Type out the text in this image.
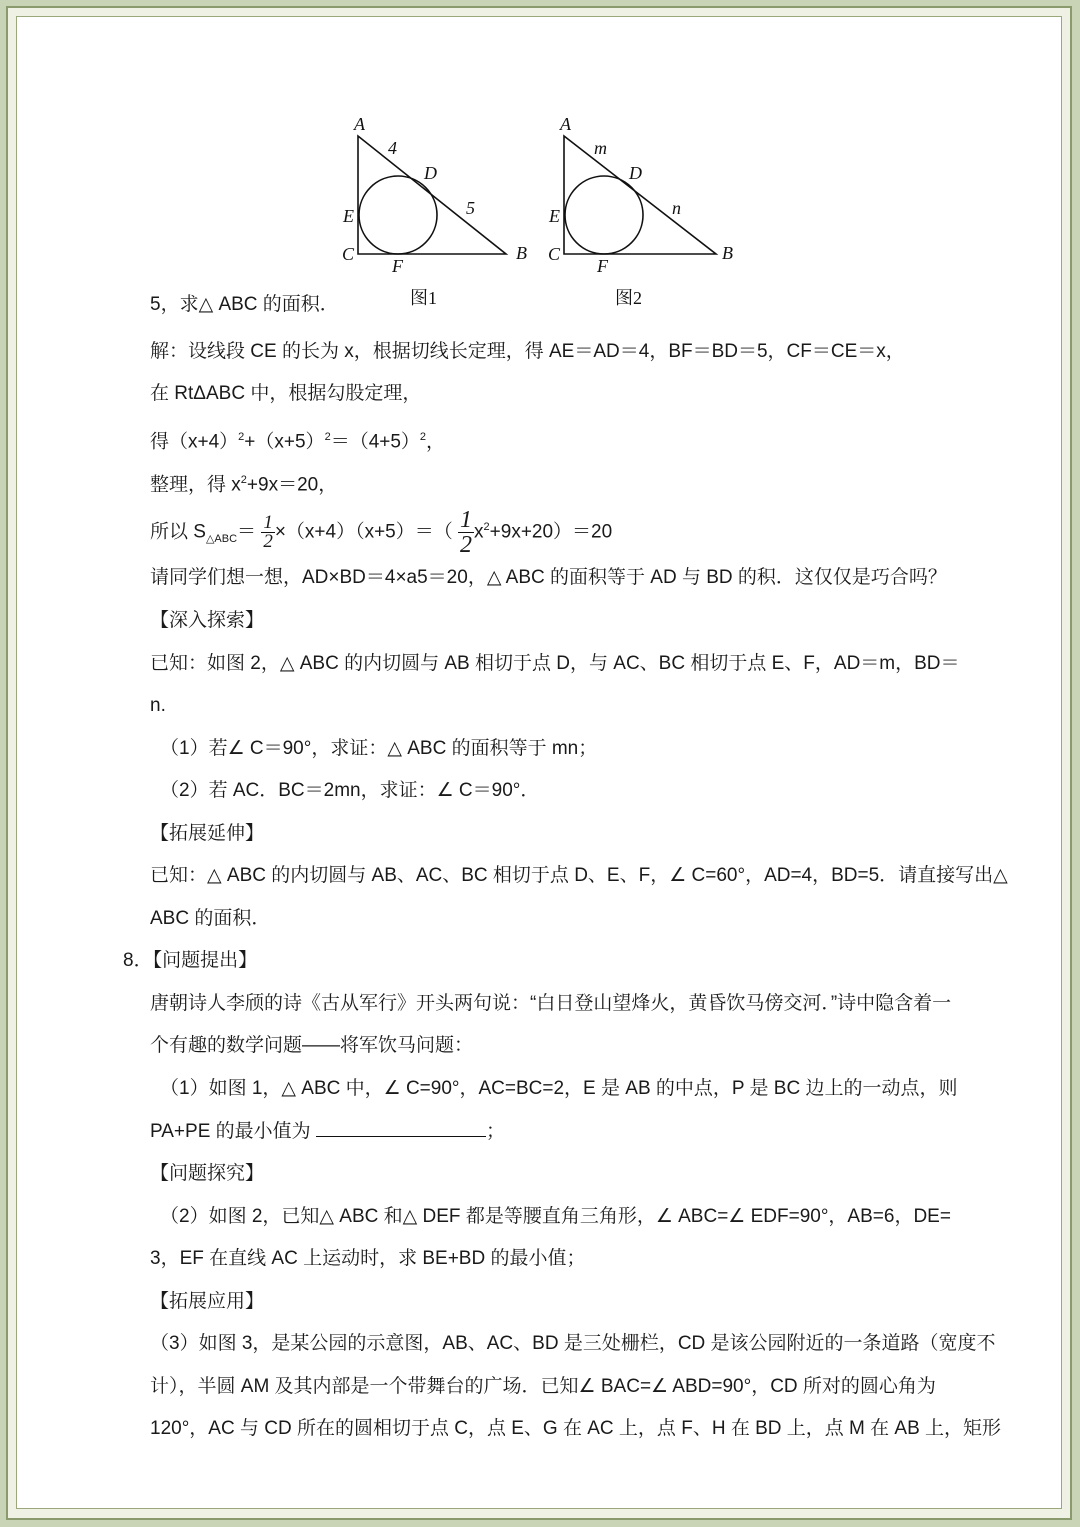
A
4
D
5
E
C
F
B
图1
A
m
D
n
E
C
F
B
图2
5，求△ ABC 的面积．
解：设线段 CE 的长为 x，根据切线长定理，得 AE＝AD＝4，BF＝BD＝5，CF＝CE＝x，
在 RtΔABC 中，根据勾股定理，
得$(x+4)^2+(x+5)^2=(4+5)^2$，
整理，得 $x^2+9x=20$，
所以 $S_{\triangle ABC}= \frac{1}{2} \times(x+4)(x+5)=( \frac{1}{2} x^2+9x+20)=20$
请同学们想一想，AD×BD＝4×a5＝20，△ ABC 的面积等于 AD 与 BD 的积．这仅仅是巧合吗？
【深入探索】
已知：如图 2，△ ABC 的内切圆与 AB 相切于点 D，与 AC、BC 相切于点 E、F，AD＝m，BD＝
n.
（1）若∠ C＝90°，求证：△ ABC 的面积等于 mn；
（2）若 AC．BC＝2mn，求证：∠ C＝90°．
【拓展延伸】
已知：△ ABC 的内切圆与 AB、AC、BC 相切于点 D、E、F，∠ C=60°，AD=4，BD=5．请直接写出△
ABC 的面积．
8．【问题提出】
唐朝诗人李颀的诗《古从军行》开头两句说：“白日登山望烽火，黄昏饮马傍交河．”诗中隐含着一
个有趣的数学问题——将军饮马问题：
（1）如图 1，△ ABC 中，∠ C=90°，AC=BC=2，E 是 AB 的中点，P 是 BC 边上的一动点，则
PA+PE 的最小值为	；
【问题探究】
（2）如图 2，已知△ ABC 和△ DEF 都是等腰直角三角形，∠ ABC=∠ EDF=90°，AB=6，DE=
3，EF 在直线 AC 上运动时，求 BE+BD 的最小值；
【拓展应用】
（3）如图 3，是某公园的示意图，AB、AC、BD 是三处栅栏，CD 是该公园附近的一条道路（宽度不
计），半圆 AM 及其内部是一个带舞台的广场．已知∠ BAC=∠ ABD=90°，CD 所对的圆心角为
120°，AC 与 CD 所在的圆相切于点 C，点 E、G 在 AC 上，点 F、H 在 BD 上，点 M 在 AB 上，矩形
